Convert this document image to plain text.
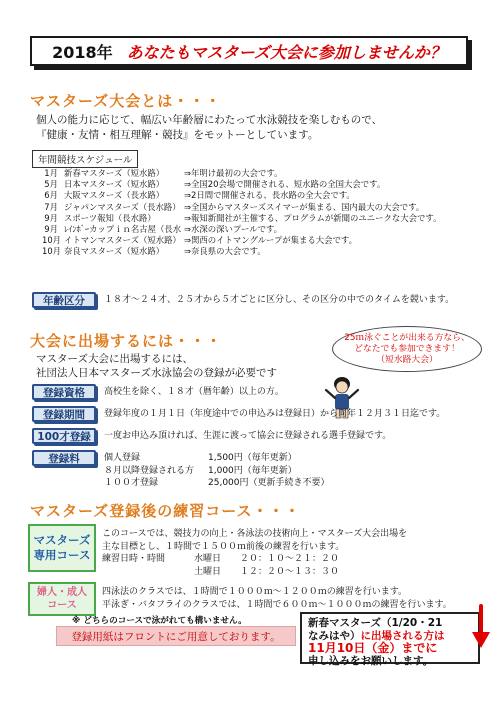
2018年 あなたもマスターズ大会に参加しませんか？
マスターズ大会とは・・・
個人の能力に応じて、幅広い年齢層にわたって水泳競技を楽しむもので、
『健康・友情・相互理解・競技』をモットーとしています。
年間競技スケジュール
1月 新春マスターズ（短水路）	⇒年明け最初の大会です。
5月 日本マスターズ（短水路）	⇒全国20会場で開催される、短水路の全国大会です。
6月 大阪マスターズ（長水路）	⇒2日間で開催される、長水路の全大会です。
7月 ジャパンマスターズ（長水路） ⇒全国からマスターズスイマーが集まる、国内最大の大会です。
9月 スポーツ報知（長水路）	⇒報知新聞社が主催する、プログラムが新聞のユニークな大会です。
9月 ﾚｲﾝﾎﾞｰカップｉｎ名古屋（長水 ⇒水深の深いプールです。
10月 イトマンマスターズ（短水路） ⇒関西のイトマングループが集まる大会です。
10月 奈良マスターズ（短水路）	⇒奈良県の大会です。
年齢区分	１８才～２４才、２５才から５才ごとに区分し、その区分の中でのタイムを競います。
大会に出場するには・・・
マスターズ大会に出場するには、
社団法人日本マスターズ水泳協会の登録が必要です
25ｍ泳ぐことが出来る方なら、
どなたでも参加できます！
（短水路大会）
登録資格	高校生を除く、１８才（暦年齢）以上の方。
登録期間	登録年度の１月１日（年度途中での申込みは登録日）から同年１２月３１日迄です。
100才登録	一度お申込み頂ければ、生涯に渡って協会に登録される選手登録です。
登録料	個人登録	1,500円（毎年更新）
８月以降登録される方	1,000円（毎年更新）
１００才登録	25,000円（更新手続き不要）
マスターズ登録後の練習コース・・・
マスターズ
専用コース
このコースでは、競技力の向上・各泳法の技術向上・マスターズ大会出場を
主な目標とし、１時間で１５００ｍ前後の練習を行います。
練習日時・時間	水曜日	２０：１０～２１：２０
土曜日	１２：２０～１３：３０
婦人・成人
コース
四泳法のクラスでは、１時間で１０００ｍ～１２００ｍの練習を行います。
平泳ぎ・バタフライのクラスでは、１時間で６００ｍ～１０００ｍの練習を行います。
※ どちらのコースで泳がれても構いません。
登録用紙はフロントにご用意しております。
新春マスターズ（1/20・21
なみはや）に出場される方は
11月10日（金）までに
申し込みをお願いします。
